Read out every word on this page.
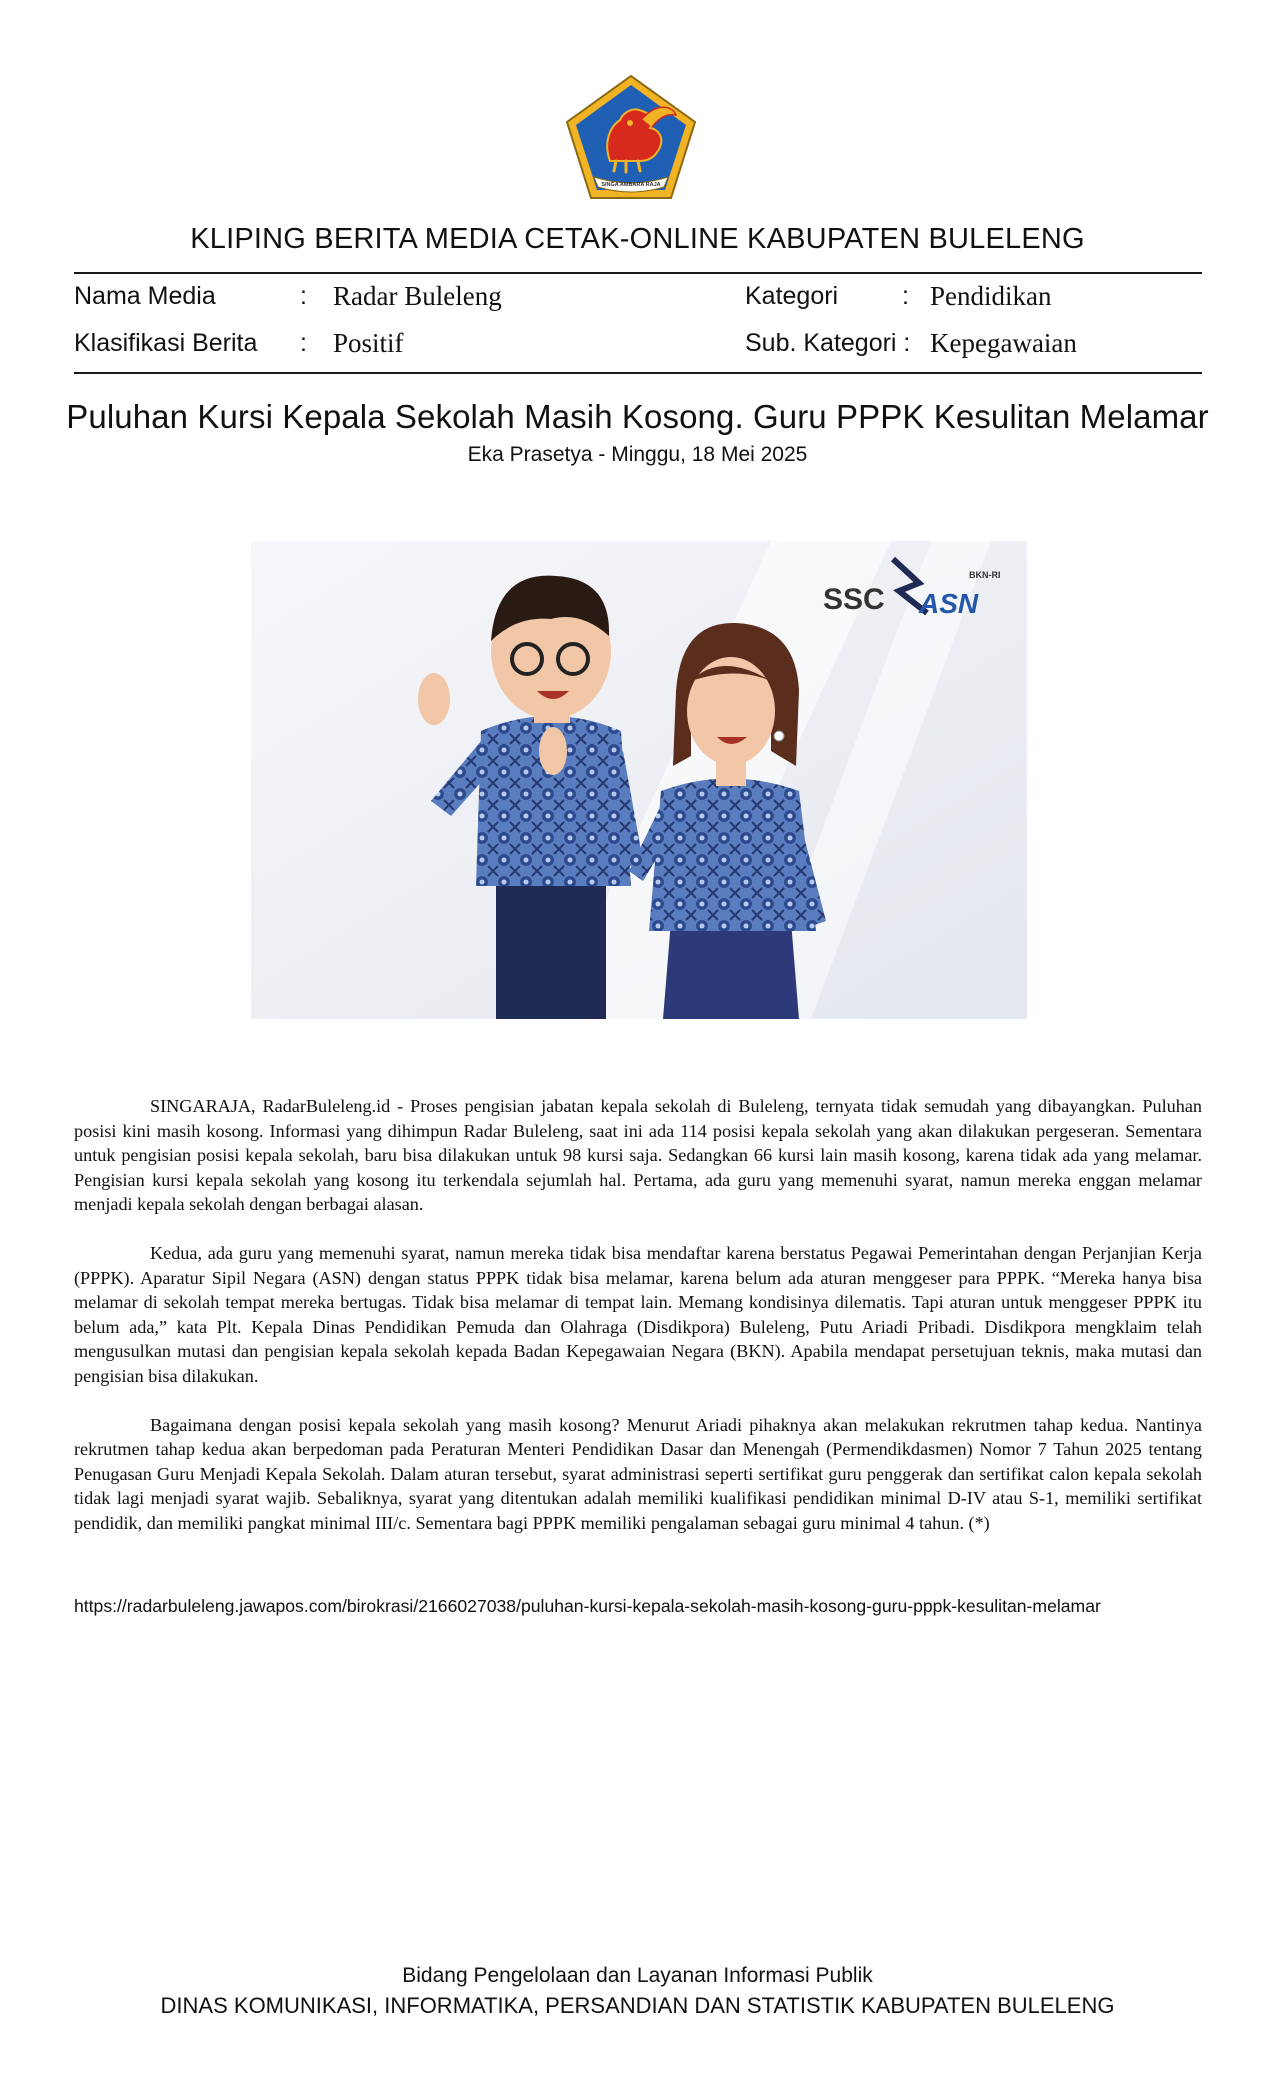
SINGA AMBARA RAJA
KLIPING BERITA MEDIA CETAK-ONLINE KABUPATEN BULELENG
Nama Media	: Radar Buleleng	Kategori	: Pendidikan
Klasifikasi Berita : Positif	Sub. Kategori : Kepegawaian
Puluhan Kursi Kepala Sekolah Masih Kosong. Guru PPPK Kesulitan Melamar
Eka Prasetya - Minggu, 18 Mei 2025
SSC ASN
BKN-RI

SINGARAJA, RadarBuleleng.id - Proses pengisian jabatan kepala sekolah di Buleleng, ternyata tidak semudah yang dibayangkan. Puluhan posisi kini masih kosong. Informasi yang dihimpun Radar Buleleng, saat ini ada 114 posisi kepala sekolah yang akan dilakukan pergeseran. Sementara untuk pengisian posisi kepala sekolah, baru bisa dilakukan untuk 98 kursi saja. Sedangkan 66 kursi lain masih kosong, karena tidak ada yang melamar. Pengisian kursi kepala sekolah yang kosong itu terkendala sejumlah hal. Pertama, ada guru yang memenuhi syarat, namun mereka enggan melamar menjadi kepala sekolah dengan berbagai alasan.

Kedua, ada guru yang memenuhi syarat, namun mereka tidak bisa mendaftar karena berstatus Pegawai Pemerintahan dengan Perjanjian Kerja (PPPK). Aparatur Sipil Negara (ASN) dengan status PPPK tidak bisa melamar, karena belum ada aturan menggeser para PPPK. “Mereka hanya bisa melamar di sekolah tempat mereka bertugas. Tidak bisa melamar di tempat lain. Memang kondisinya dilematis. Tapi aturan untuk menggeser PPPK itu belum ada,” kata Plt. Kepala Dinas Pendidikan Pemuda dan Olahraga (Disdikpora) Buleleng, Putu Ariadi Pribadi. Disdikpora mengklaim telah mengusulkan mutasi dan pengisian kepala sekolah kepada Badan Kepegawaian Negara (BKN). Apabila mendapat persetujuan teknis, maka mutasi dan pengisian bisa dilakukan.

Bagaimana dengan posisi kepala sekolah yang masih kosong? Menurut Ariadi pihaknya akan melakukan rekrutmen tahap kedua. Nantinya rekrutmen tahap kedua akan berpedoman pada Peraturan Menteri Pendidikan Dasar dan Menengah (Permendikdasmen) Nomor 7 Tahun 2025 tentang Penugasan Guru Menjadi Kepala Sekolah. Dalam aturan tersebut, syarat administrasi seperti sertifikat guru penggerak dan sertifikat calon kepala sekolah tidak lagi menjadi syarat wajib. Sebaliknya, syarat yang ditentukan adalah memiliki kualifikasi pendidikan minimal D-IV atau S-1, memiliki sertifikat pendidik, dan memiliki pangkat minimal III/c. Sementara bagi PPPK memiliki pengalaman sebagai guru minimal 4 tahun. (*)

https://radarbuleleng.jawapos.com/birokrasi/2166027038/puluhan-kursi-kepala-sekolah-masih-kosong-guru-pppk-kesulitan-melamar
Bidang Pengelolaan dan Layanan Informasi Publik
DINAS KOMUNIKASI, INFORMATIKA, PERSANDIAN DAN STATISTIK KABUPATEN BULELENG
